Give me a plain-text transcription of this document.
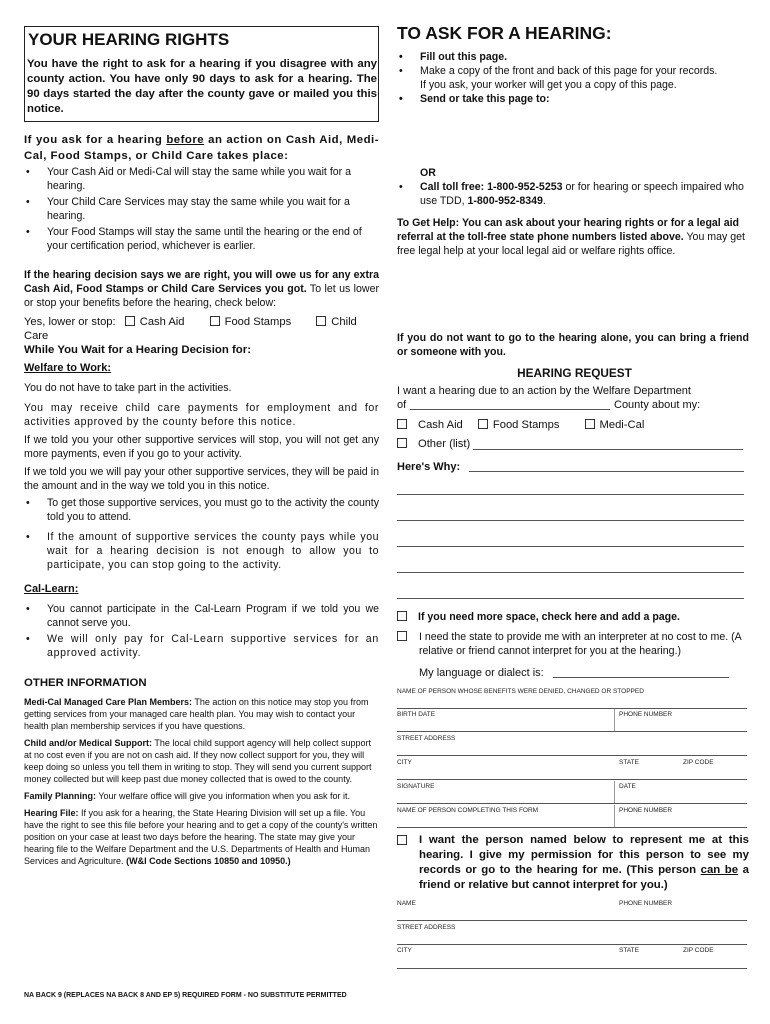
YOUR HEARING RIGHTS
You have the right to ask for a hearing if you disagree with any county action. You have only 90 days to ask for a hearing. The 90 days started the day after the county gave or mailed you this notice.
If you ask for a hearing before an action on Cash Aid, Medi-Cal, Food Stamps, or Child Care takes place:
• Your Cash Aid or Medi-Cal will stay the same while you wait for a hearing.
• Your Child Care Services may stay the same while you wait for a hearing.
• Your Food Stamps will stay the same until the hearing or the end of your certification period, whichever is earlier.
If the hearing decision says we are right, you will owe us for any extra Cash Aid, Food Stamps or Child Care Services you got. To let us lower or stop your benefits before the hearing, check below:
Yes, lower or stop: Cash Aid	Food Stamps	Child Care
While You Wait for a Hearing Decision for:
Welfare to Work:
You do not have to take part in the activities.
You may receive child care payments for employment and for activities approved by the county before this notice.
If we told you your other supportive services will stop, you will not get any more payments, even if you go to your activity.
If we told you we will pay your other supportive services, they will be paid in the amount and in the way we told you in this notice.
• To get those supportive services, you must go to the activity the county told you to attend.
• If the amount of supportive services the county pays while you wait for a hearing decision is not enough to allow you to participate, you can stop going to the activity.
Cal-Learn:
• You cannot participate in the Cal-Learn Program if we told you we cannot serve you.
• We will only pay for Cal-Learn supportive services for an approved activity.
OTHER INFORMATION
Medi-Cal Managed Care Plan Members: The action on this notice may stop you from getting services from your managed care health plan. You may wish to contact your health plan membership services if you have questions.
Child and/or Medical Support: The local child support agency will help collect support at no cost even if you are not on cash aid. If they now collect support for you, they will keep doing so unless you tell them in writing to stop. They will send you current support money collected but will keep past due money collected that is owed to the county.
Family Planning: Your welfare office will give you information when you ask for it.
Hearing File: If you ask for a hearing, the State Hearing Division will set up a file. You have the right to see this file before your hearing and to get a copy of the county's written position on your case at least two days before the hearing. The state may give your hearing file to the Welfare Department and the U.S. Departments of Health and Human Services and Agriculture. (W&I Code Sections 10850 and 10950.)
NA BACK 9 (REPLACES NA BACK 8 AND EP 5) REQUIRED FORM - NO SUBSTITUTE PERMITTED
TO ASK FOR A HEARING:
• Fill out this page.
• Make a copy of the front and back of this page for your records.
If you ask, your worker will get you a copy of this page.
• Send or take this page to:
OR
• Call toll free: 1-800-952-5253 or for hearing or speech impaired who use TDD, 1-800-952-8349.
To Get Help: You can ask about your hearing rights or for a legal aid referral at the toll-free state phone numbers listed above. You may get free legal help at your local legal aid or welfare rights office.
If you do not want to go to the hearing alone, you can bring a friend or someone with you.
HEARING REQUEST
I want a hearing due to an action by the Welfare Department
of	County about my:
Cash Aid	Food Stamps	Medi-Cal
Other (list)
Here's Why:
If you need more space, check here and add a page.
I need the state to provide me with an interpreter at no cost to me. (A relative or friend cannot interpret for you at the hearing.)
My language or dialect is:
NAME OF PERSON WHOSE BENEFITS WERE DENIED, CHANGED OR STOPPED
BIRTH DATE	PHONE NUMBER
STREET ADDRESS
CITY	STATE	ZIP CODE
SIGNATURE	DATE
NAME OF PERSON COMPLETING THIS FORM	PHONE NUMBER
I want the person named below to represent me at this hearing. I give my permission for this person to see my records or go to the hearing for me. (This person can be a friend or relative but cannot interpret for you.)
NAME	PHONE NUMBER
STREET ADDRESS
CITY	STATE	ZIP CODE
